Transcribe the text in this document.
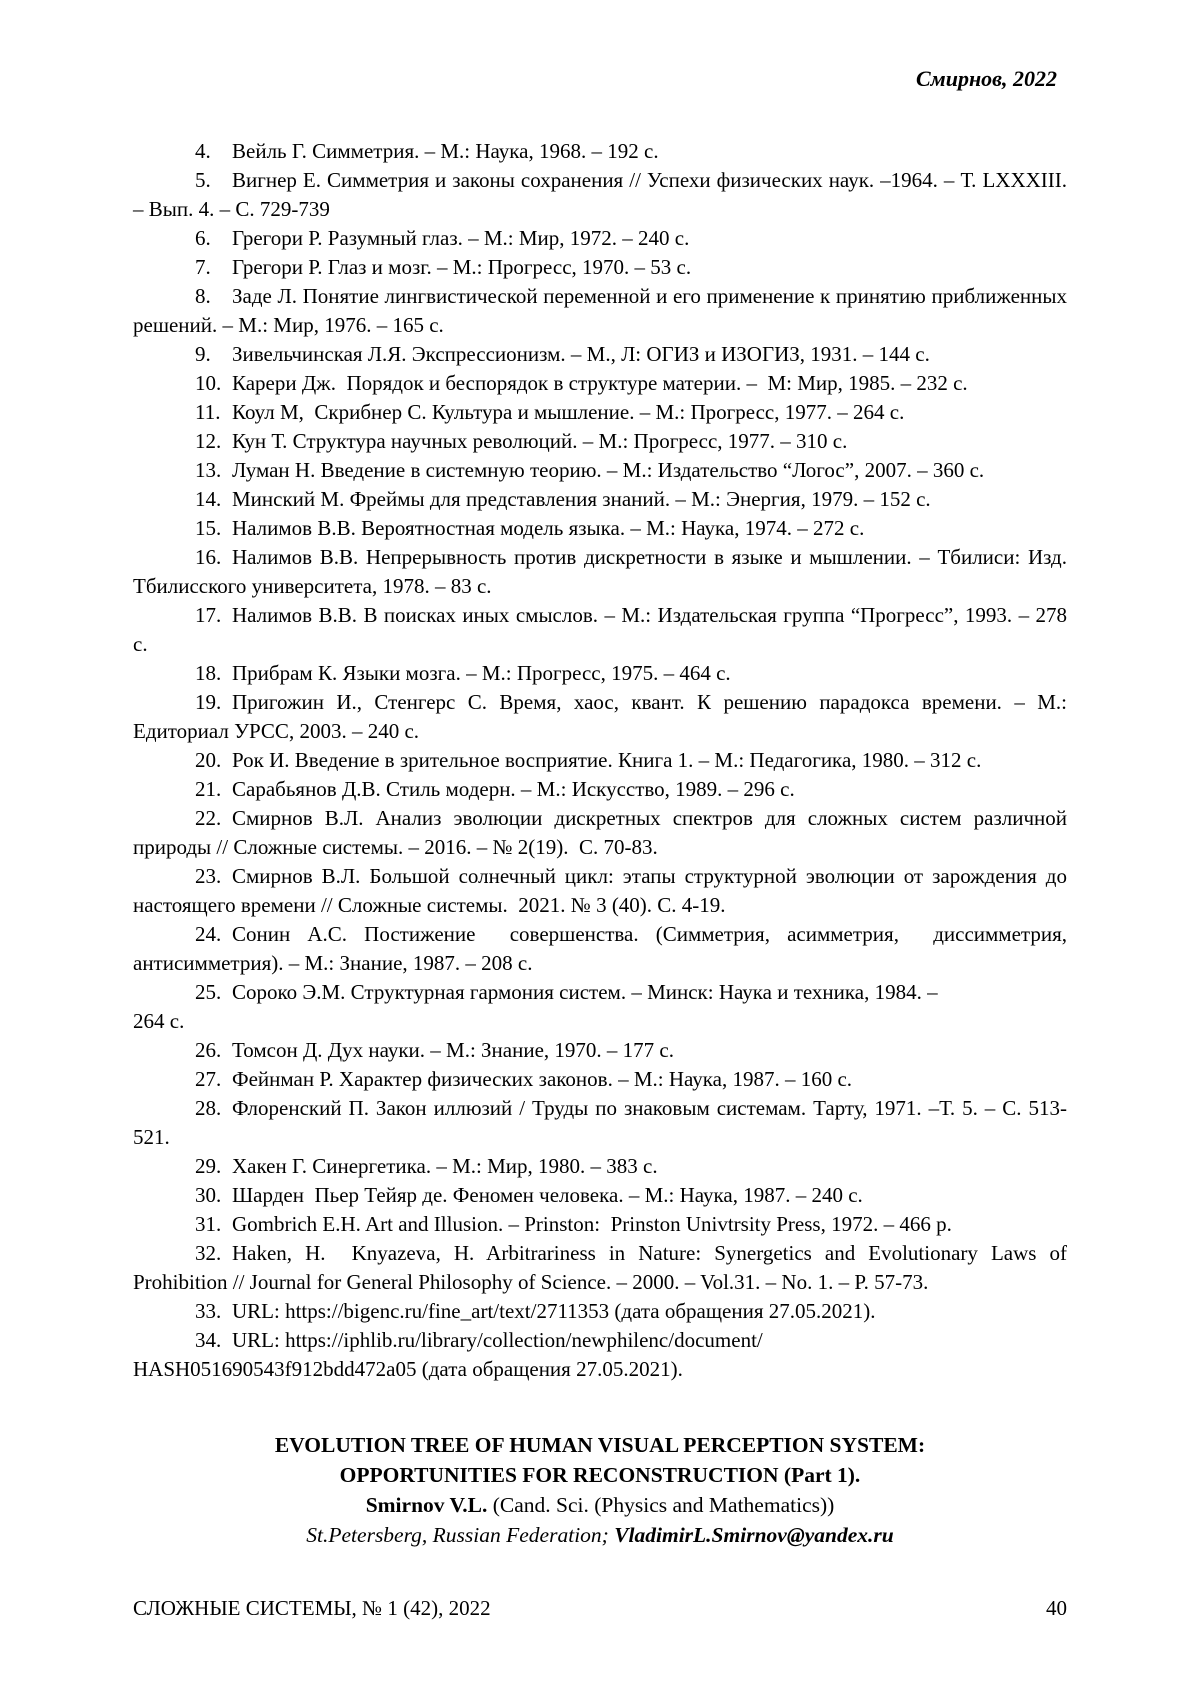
Смирнов, 2022

4. Вейль Г. Симметрия. – М.: Наука, 1968. – 192 с.

5. Вигнер Е. Симметрия и законы сохранения // Успехи физических наук. –1964. – Т. LXXXIII. – Вып. 4. – С. 729-739

6. Грегори Р. Разумный глаз. – М.: Мир, 1972. – 240 с.

7. Грегори Р. Глаз и мозг. – М.: Прогресс, 1970. – 53 с.

8. Заде Л. Понятие лингвистической переменной и его применение к принятию приближенных решений. – М.: Мир, 1976. – 165 с.

9. Зивельчинская Л.Я. Экспрессионизм. – М., Л: ОГИЗ и ИЗОГИЗ, 1931. – 144 с.

10. Карери Дж.  Порядок и беспорядок в структуре материи. –  М: Мир, 1985. – 232 с.

11. Коул М,  Скрибнер С. Культура и мышление. – М.: Прогресс, 1977. – 264 с.

12. Кун Т. Структура научных революций. – М.: Прогресс, 1977. – 310 с.

13. Луман Н. Введение в системную теорию. – М.: Издательство “Логос”, 2007. – 360 с.

14. Минский М. Фреймы для представления знаний. – М.: Энергия, 1979. – 152 с.

15. Налимов В.В. Вероятностная модель языка. – М.: Наука, 1974. – 272 с.

16. Налимов В.В. Непрерывность против дискретности в языке и мышлении. – Тбилиси: Изд. Тбилисского университета, 1978. – 83 с.

17. Налимов В.В. В поисках иных смыслов. – М.: Издательская группа “Прогресс”, 1993. – 278 с.

18. Прибрам К. Языки мозга. – М.: Прогресс, 1975. – 464 с.

19. Пригожин И., Стенгерс С. Время, хаос, квант. К решению парадокса времени. – М.: Едиториал УРСС, 2003. – 240 с.

20. Рок И. Введение в зрительное восприятие. Книга 1. – М.: Педагогика, 1980. – 312 с.

21. Сарабьянов Д.В. Стиль модерн. – М.: Искусство, 1989. – 296 с.

22. Смирнов В.Л. Анализ эволюции дискретных спектров для сложных систем различной природы // Сложные системы. – 2016. – № 2(19).  С. 70-83.

23. Смирнов В.Л. Большой солнечный цикл: этапы структурной эволюции от зарождения до настоящего времени // Сложные системы.  2021. № 3 (40). С. 4-19.

24. Сонин А.С. Постижение  совершенства. (Симметрия, асимметрия,  диссимметрия, антисимметрия). – М.: Знание, 1987. – 208 с.

25. Сороко Э.М. Структурная гармония систем. – Минск: Наука и техника, 1984. –
264 с.

26. Томсон Д. Дух науки. – М.: Знание, 1970. – 177 с.

27. Фейнман Р. Характер физических законов. – М.: Наука, 1987. – 160 с.

28. Флоренский П. Закон иллюзий / Труды по знаковым системам. Тарту, 1971. –Т. 5. – С. 513-521.

29. Хакен Г. Синергетика. – М.: Мир, 1980. – 383 с.

30. Шарден  Пьер Тейяр де. Феномен человека. – М.: Наука, 1987. – 240 с.

31. Gombrich E.H. Art and Illusion. – Prinston:  Prinston Univtrsity Press, 1972. – 466 p.

32. Haken, H.  Knyazeva, H. Arbitrariness in Nature: Synergetics and Evolutionary Laws of Prohibition // Journal for General Philosophy of Science. – 2000. – Vol.31. – No. 1. – P. 57-73.

33. URL: https://bigenc.ru/fine_art/text/2711353 (дата обращения 27.05.2021).

34. URL: https://iphlib.ru/library/collection/newphilenc/document/
HASH051690543f912bdd472a05 (дата обращения 27.05.2021).

EVOLUTION TREE OF HUMAN VISUAL PERCEPTION SYSTEM:
OPPORTUNITIES FOR RECONSTRUCTION (Part 1).
Smirnov V.L. (Cand. Sci. (Physics and Mathematics))
St.Petersberg, Russian Federation; VladimirL.Smirnov@yandex.ru
СЛОЖНЫЕ СИСТЕМЫ, № 1 (42), 2022	40
